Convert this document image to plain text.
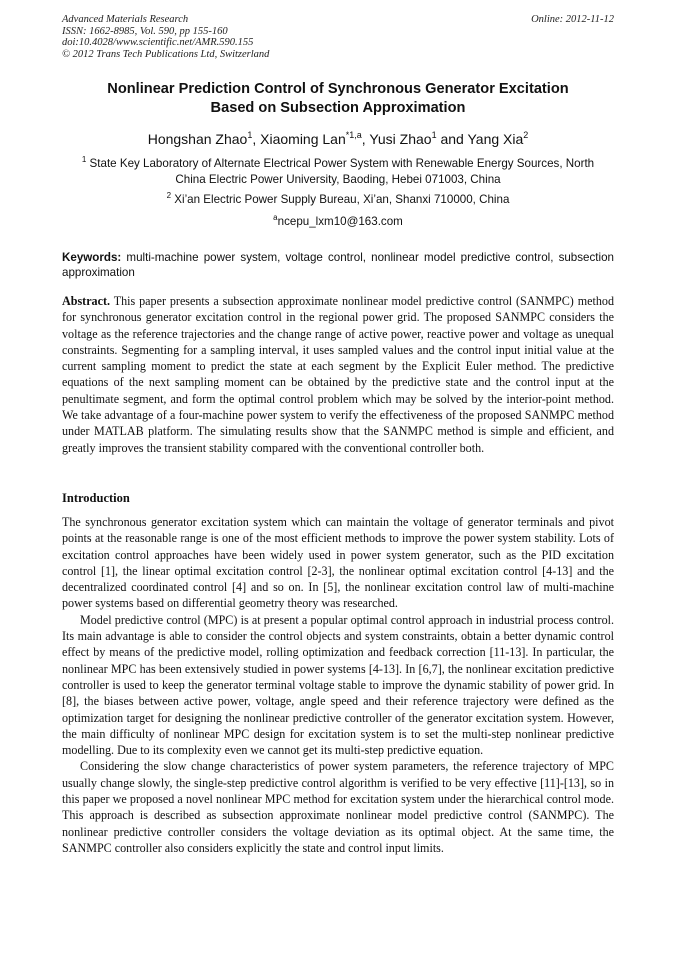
Advanced Materials Research
ISSN: 1662-8985, Vol. 590, pp 155-160
doi:10.4028/www.scientific.net/AMR.590.155
© 2012 Trans Tech Publications Ltd, Switzerland
Online: 2012-11-12
Nonlinear Prediction Control of Synchronous Generator Excitation
Based on Subsection Approximation
Hongshan Zhao$^1$, Xiaoming Lan$^{*1,a}$, Yusi Zhao$^1$ and Yang Xia$^2$
$^1$ State Key Laboratory of Alternate Electrical Power System with Renewable Energy Sources, North
China Electric Power University, Baoding, Hebei 071003, China
$^2$ Xi’an Electric Power Supply Bureau, Xi’an, Shanxi 710000, China
$^a$ncepu_lxm10@163.com
Keywords: multi-machine power system, voltage control, nonlinear model predictive control, subsection approximation
Abstract. This paper presents a subsection approximate nonlinear model predictive control (SANMPC) method for synchronous generator excitation control in the regional power grid. The proposed SANMPC considers the voltage as the reference trajectories and the change range of active power, reactive power and voltage as unequal constraints. Segmenting for a sampling interval, it uses sampled values and the control input initial value at the current sampling moment to predict the state at each segment by the Explicit Euler method. The predictive equations of the next sampling moment can be obtained by the predictive state and the control input at the penultimate segment, and form the optimal control problem which may be solved by the interior-point method. We take advantage of a four-machine power system to verify the effectiveness of the proposed SANMPC method under MATLAB platform. The simulating results show that the SANMPC method is simple and efficient, and greatly improves the transient stability compared with the conventional controller both.
Introduction

The synchronous generator excitation system which can maintain the voltage of generator terminals and pivot points at the reasonable range is one of the most efficient methods to improve the power system stability. Lots of excitation control approaches have been widely used in power system generator, such as the PID excitation control [1], the linear optimal excitation control [2-3], the nonlinear optimal excitation control [4-13] and the decentralized coordinated control [4] and so on. In [5], the nonlinear excitation control law of multi-machine power systems based on differential geometry theory was researched.

Model predictive control (MPC) is at present a popular optimal control approach in industrial process control. Its main advantage is able to consider the control objects and system constraints, obtain a better dynamic control effect by means of the predictive model, rolling optimization and feedback correction [11-13]. In particular, the nonlinear MPC has been extensively studied in power systems [4-13]. In [6,7], the nonlinear excitation predictive controller is used to keep the generator terminal voltage stable to improve the dynamic stability of power grid. In [8], the biases between active power, voltage, angle speed and their reference trajectory were defined as the optimization target for designing the nonlinear predictive controller of the generator excitation system. However, the main difficulty of nonlinear MPC design for excitation system is to set the multi-step nonlinear predictive modelling. Due to its complexity even we cannot get its multi-step predictive equation.

Considering the slow change characteristics of power system parameters, the reference trajectory of MPC usually change slowly, the single-step predictive control algorithm is verified to be very effective [11]-[13], so in this paper we proposed a novel nonlinear MPC method for excitation system under the hierarchical control mode. This approach is described as subsection approximate nonlinear model predictive control (SANMPC). The nonlinear predictive controller considers the voltage deviation as its optimal object. At the same time, the SANMPC controller also considers explicitly the state and control input limits.
